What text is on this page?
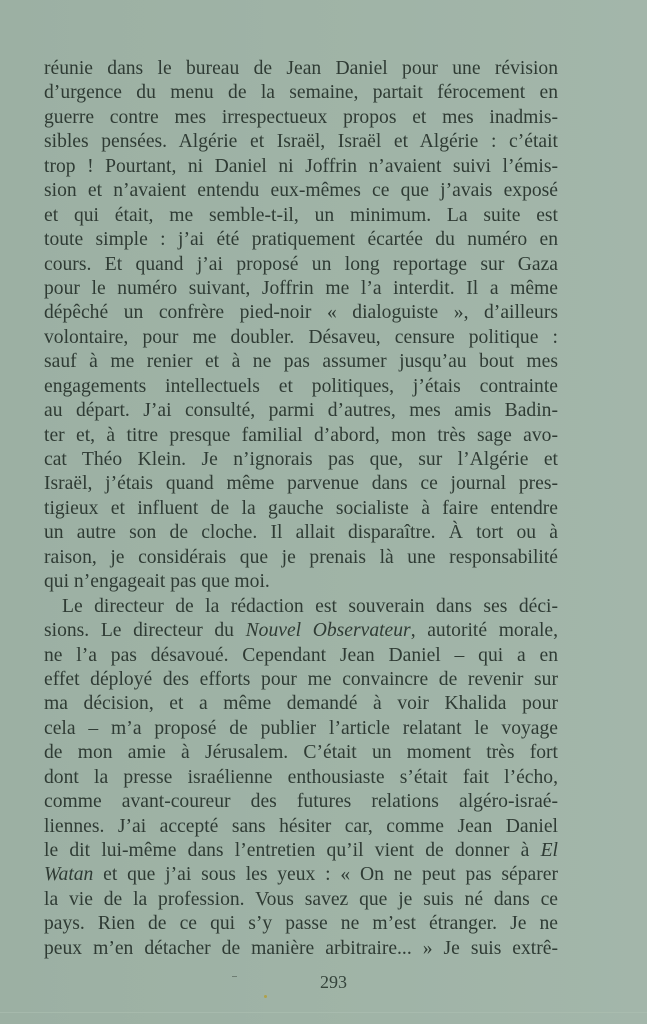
réunie dans le bureau de Jean Daniel pour une révision
d’urgence du menu de la semaine, partait férocement en
guerre contre mes irrespectueux propos et mes inadmis-
sibles pensées. Algérie et Israël, Israël et Algérie : c’était
trop ! Pourtant, ni Daniel ni Joffrin n’avaient suivi l’émis-
sion et n’avaient entendu eux-mêmes ce que j’avais exposé
et qui était, me semble-t-il, un minimum. La suite est
toute simple : j’ai été pratiquement écartée du numéro en
cours. Et quand j’ai proposé un long reportage sur Gaza
pour le numéro suivant, Joffrin me l’a interdit. Il a même
dépêché un confrère pied-noir « dialoguiste », d’ailleurs
volontaire, pour me doubler. Désaveu, censure politique :
sauf à me renier et à ne pas assumer jusqu’au bout mes
engagements intellectuels et politiques, j’étais contrainte
au départ. J’ai consulté, parmi d’autres, mes amis Badin-
ter et, à titre presque familial d’abord, mon très sage avo-
cat Théo Klein. Je n’ignorais pas que, sur l’Algérie et
Israël, j’étais quand même parvenue dans ce journal pres-
tigieux et influent de la gauche socialiste à faire entendre
un autre son de cloche. Il allait disparaître. À tort ou à
raison, je considérais que je prenais là une responsabilité
qui n’engageait pas que moi.
Le directeur de la rédaction est souverain dans ses déci-
sions. Le directeur du Nouvel Observateur, autorité morale,
ne l’a pas désavoué. Cependant Jean Daniel – qui a en
effet déployé des efforts pour me convaincre de revenir sur
ma décision, et a même demandé à voir Khalida pour
cela – m’a proposé de publier l’article relatant le voyage
de mon amie à Jérusalem. C’était un moment très fort
dont la presse israélienne enthousiaste s’était fait l’écho,
comme avant-coureur des futures relations algéro-israé-
liennes. J’ai accepté sans hésiter car, comme Jean Daniel
le dit lui-même dans l’entretien qu’il vient de donner à El
Watan et que j’ai sous les yeux : « On ne peut pas séparer
la vie de la profession. Vous savez que je suis né dans ce
pays. Rien de ce qui s’y passe ne m’est étranger. Je ne
peux m’en détacher de manière arbitraire... » Je suis extrê-
293
